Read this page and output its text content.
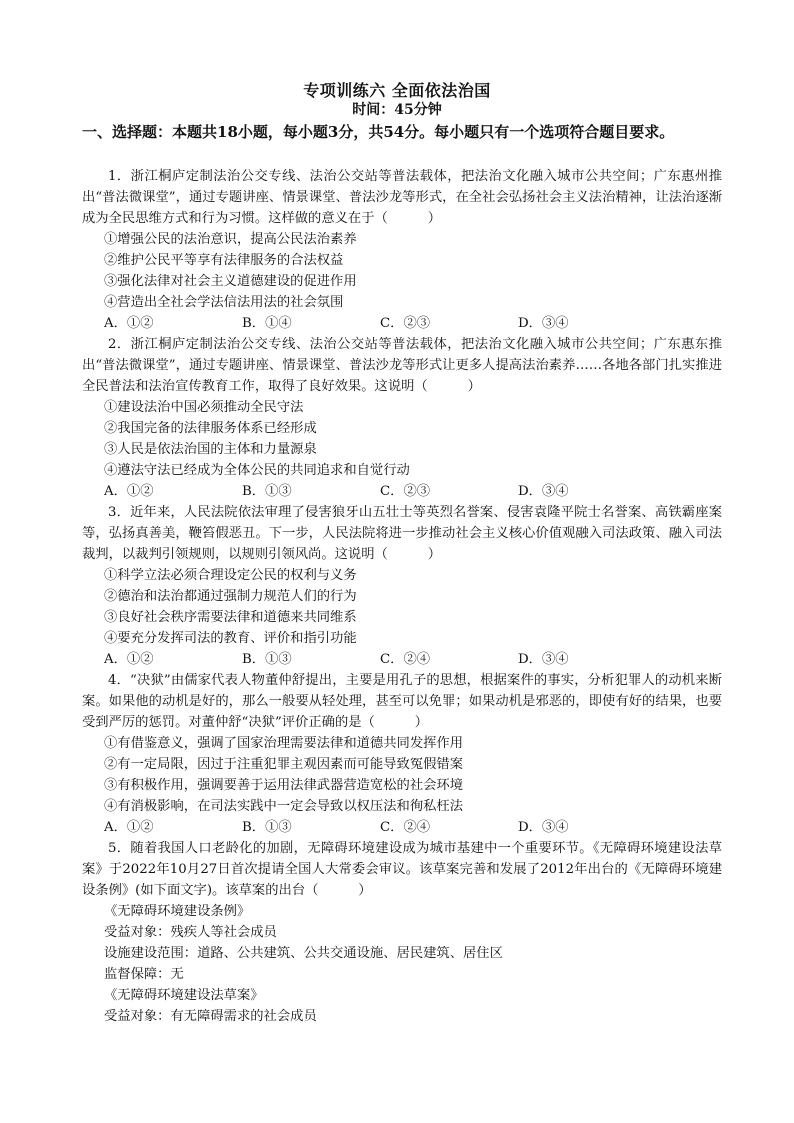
专项训练六 全面依法治国
时间：45分钟
一、选择题：本题共18小题，每小题3分，共54分。每小题只有一个选项符合题目要求。

1．浙江桐庐定制法治公交专线、法治公交站等普法载体，把法治文化融入城市公共空间；广东惠州推出“普法微课堂”，通过专题讲座、情景课堂、普法沙龙等形式，在全社会弘扬社会主义法治精神，让法治逐渐成为全民思维方式和行为习惯。这样做的意义在于（　　　）

①增强公民的法治意识，提高公民法治素养

②维护公民平等享有法律服务的合法权益

③强化法律对社会主义道德建设的促进作用

④营造出全社会学法信法用法的社会氛围

A．①②	B．①④	C．②③	D．③④

2．浙江桐庐定制法治公交专线、法治公交站等普法载体，把法治文化融入城市公共空间；广东惠东推出“普法微课堂”，通过专题讲座、情景课堂、普法沙龙等形式让更多人提高法治素养……各地各部门扎实推进全民普法和法治宣传教育工作，取得了良好效果。这说明（　　　）

①建设法治中国必须推动全民守法

②我国完备的法律服务体系已经形成

③人民是依法治国的主体和力量源泉

④遵法守法已经成为全体公民的共同追求和自觉行动

A．①②	B．①③	C．②③	D．③④

3．近年来，人民法院依法审理了侵害狼牙山五壮士等英烈名誉案、侵害袁隆平院士名誉案、高铁霸座案等，弘扬真善美，鞭笞假恶丑。下一步，人民法院将进一步推动社会主义核心价值观融入司法政策、融入司法裁判，以裁判引领规则，以规则引领风尚。这说明（　　　）

①科学立法必须合理设定公民的权利与义务

②德治和法治都通过强制力规范人们的行为

③良好社会秩序需要法律和道德来共同维系

④要充分发挥司法的教育、评价和指引功能

A．①②	B．①③	C．②④	D．③④

4．“决狱”由儒家代表人物董仲舒提出，主要是用孔子的思想，根据案件的事实，分析犯罪人的动机来断案。如果他的动机是好的，那么一般要从轻处理，甚至可以免罪；如果动机是邪恶的，即使有好的结果，也要受到严厉的惩罚。对董仲舒“决狱”评价正确的是（　　　）

①有借鉴意义，强调了国家治理需要法律和道德共同发挥作用

②有一定局限，因过于注重犯罪主观因素而可能导致冤假错案

③有积极作用，强调要善于运用法律武器营造宽松的社会环境

④有消极影响，在司法实践中一定会导致以权压法和徇私枉法

A．①②	B．①③	C．②④	D．③④

5．随着我国人口老龄化的加剧，无障碍环境建设成为城市基建中一个重要环节。《无障碍环境建设法草案》于2022年10月27日首次提请全国人大常委会审议。该草案完善和发展了2012年出台的《无障碍环境建设条例》(如下面文字)。该草案的出台（　　　）

《无障碍环境建设条例》

受益对象：残疾人等社会成员

设施建设范围：道路、公共建筑、公共交通设施、居民建筑、居住区

监督保障：无

《无障碍环境建设法草案》

受益对象：有无障碍需求的社会成员
